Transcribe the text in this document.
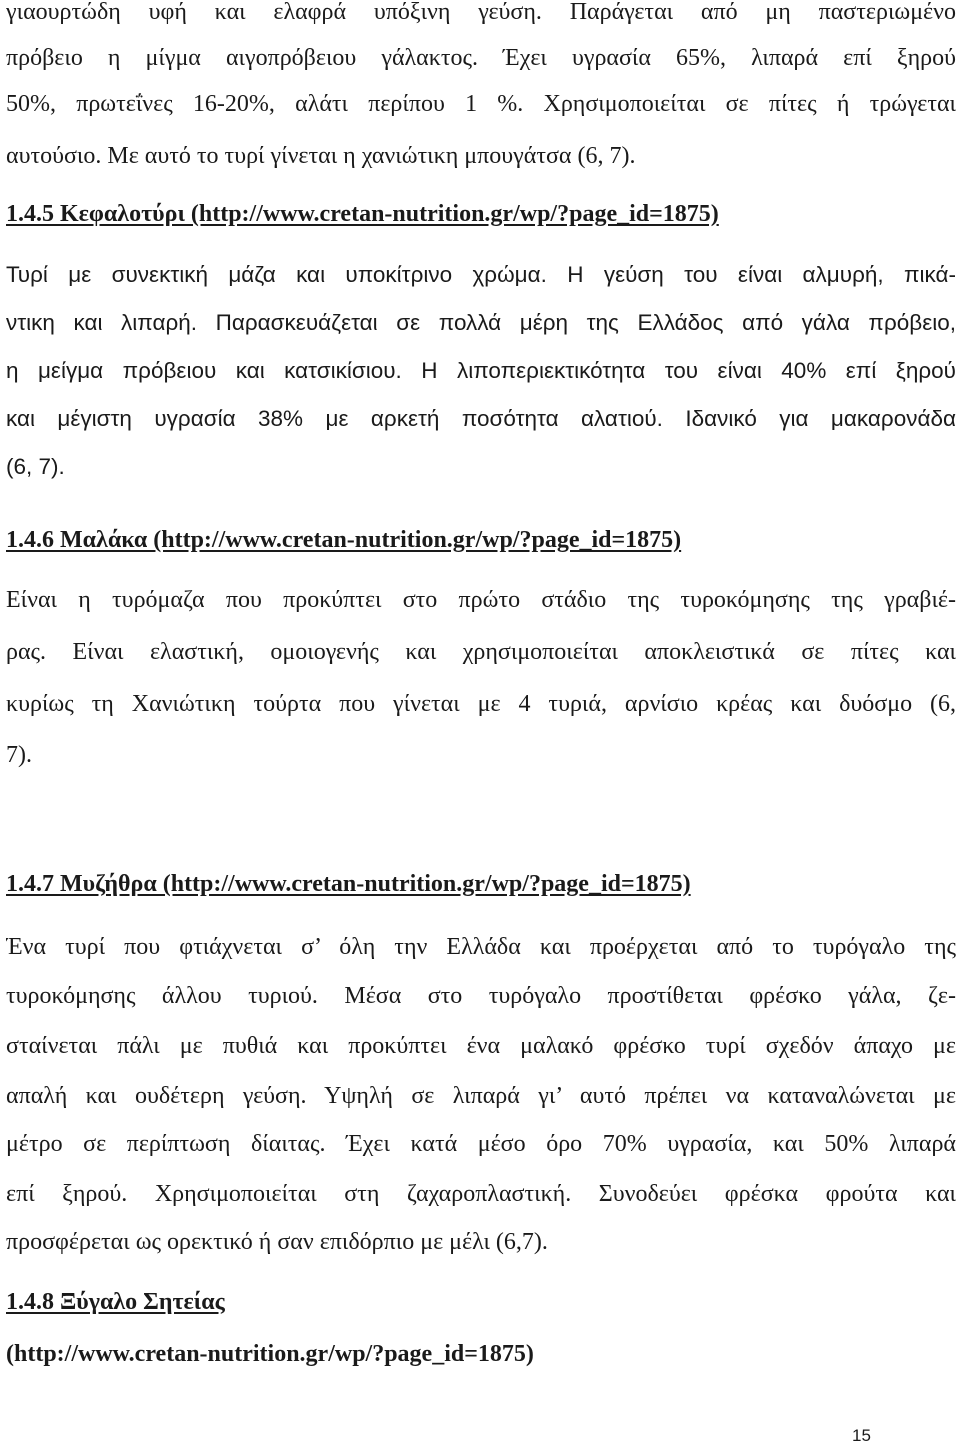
γιαουρτώδη υφή και ελαφρά υπόξινη γεύση. Παράγεται από μη παστεριωμένο
πρόβειο η μίγμα αιγοπρόβειου γάλακτος. Έχει υγρασία 65%, λιπαρά επί ξηρού
50%, πρωτεΐνες 16-20%, αλάτι περίπου 1 %. Χρησιμοποιείται σε πίτες ή τρώγεται
αυτούσιο. Με αυτό το τυρί γίνεται η χανιώτικη μπουγάτσα (6, 7).
1.4.5 Κεφαλοτύρι (http://www.cretan-nutrition.gr/wp/?page_id=1875)
Τυρί με συνεκτική μάζα και υποκίτρινο χρώμα. Η γεύση του είναι αλμυρή, πικά-
ντικη και λιπαρή. Παρασκευάζεται σε πολλά μέρη της Ελλάδος από γάλα πρόβειο,
η μείγμα πρόβειου και κατσικίσιου. Η λιποπεριεκτικότητα του είναι 40% επί ξηρού
και μέγιστη υγρασία 38% με αρκετή ποσότητα αλατιού. Ιδανικό για μακαρονάδα
(6, 7).
1.4.6 Μαλάκα (http://www.cretan-nutrition.gr/wp/?page_id=1875)
Είναι η τυρόμαζα που προκύπτει στο πρώτο στάδιο της τυροκόμησης της γραβιέ-
ρας. Είναι ελαστική, ομοιογενής και χρησιμοποιείται αποκλειστικά σε πίτες και
κυρίως τη Χανιώτικη τούρτα που γίνεται με 4 τυριά, αρνίσιο κρέας και δυόσμο (6,
7).
1.4.7 Μυζήθρα (http://www.cretan-nutrition.gr/wp/?page_id=1875)
Ένα τυρί που φτιάχνεται σ’ όλη την Ελλάδα και προέρχεται από το τυρόγαλο της
τυροκόμησης άλλου τυριού. Μέσα στο τυρόγαλο προστίθεται φρέσκο γάλα, ζε-
σταίνεται πάλι με πυθιά και προκύπτει ένα μαλακό φρέσκο τυρί σχεδόν άπαχο με
απαλή και ουδέτερη γεύση. Υψηλή σε λιπαρά γι’ αυτό πρέπει να καταναλώνεται με
μέτρο σε περίπτωση δίαιτας. Έχει κατά μέσο όρο 70% υγρασία, και 50% λιπαρά
επί ξηρού. Χρησιμοποιείται στη ζαχαροπλαστική. Συνοδεύει φρέσκα φρούτα και
προσφέρεται ως ορεκτικό ή σαν επιδόρπιο με μέλι (6,7).
1.4.8 Ξύγαλο Σητείας
(http://www.cretan-nutrition.gr/wp/?page_id=1875)
15
